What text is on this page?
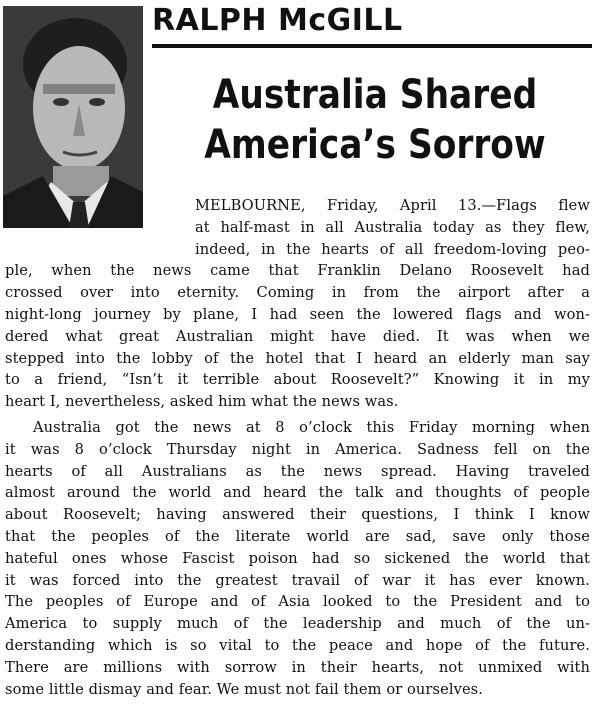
RALPH McGILL
Australia Shared
America’s Sorrow
MELBOURNE, Friday, April 13.—Flags flew
at half-mast in all Australia today as they flew,
indeed, in the hearts of all freedom-loving peo-
ple, when the news came that Franklin Delano Roosevelt had
crossed over into eternity. Coming in from the airport after a
night-long journey by plane, I had seen the lowered flags and won-
dered what great Australian might have died. It was when we
stepped into the lobby of the hotel that I heard an elderly man say
to a friend, “Isn’t it terrible about Roosevelt?” Knowing it in my
heart I, nevertheless, asked him what the news was.
Australia got the news at 8 o’clock this Friday morning when
it was 8 o’clock Thursday night in America. Sadness fell on the
hearts of all Australians as the news spread. Having traveled
almost around the world and heard the talk and thoughts of people
about Roosevelt; having answered their questions, I think I know
that the peoples of the literate world are sad, save only those
hateful ones whose Fascist poison had so sickened the world that
it was forced into the greatest travail of war it has ever known.
The peoples of Europe and of Asia looked to the President and to
America to supply much of the leadership and much of the un-
derstanding which is so vital to the peace and hope of the future.
There are millions with sorrow in their hearts, not unmixed with
some little dismay and fear. We must not fail them or ourselves.
